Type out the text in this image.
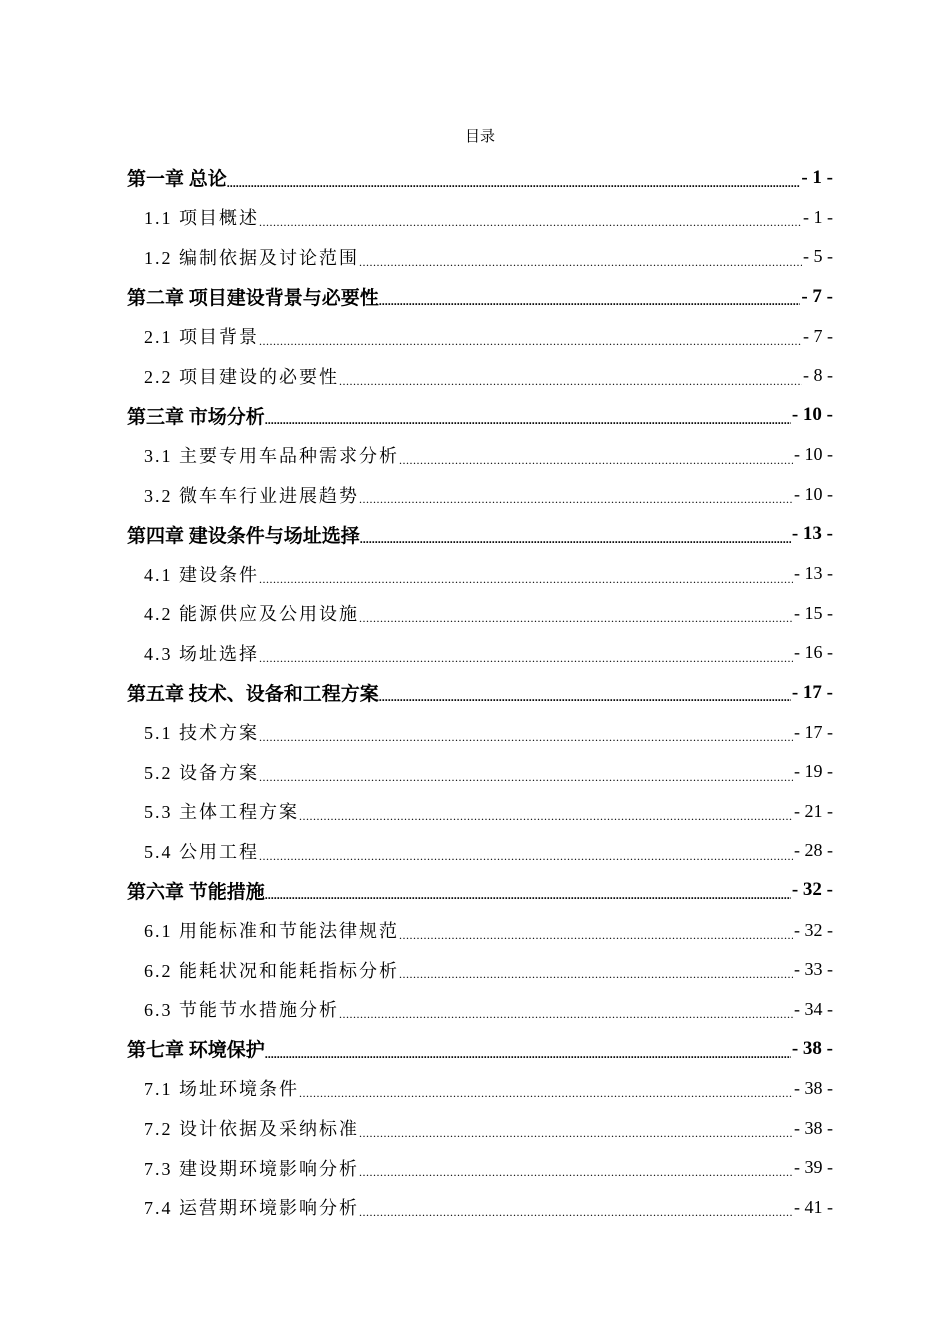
目录
第一章 总论 .....	- 1 -
1.1 项目概述 .....	- 1 -
1.2 编制依据及讨论范围 .....	- 5 -
第二章 项目建设背景与必要性 .....	- 7 -
2.1 项目背景 .....	- 7 -
2.2 项目建设的必要性 .....	- 8 -
第三章 市场分析 .....	- 10 -
3.1 主要专用车品种需求分析 .....	- 10 -
3.2 微车车行业进展趋势 .....	- 10 -
第四章 建设条件与场址选择 .....	- 13 -
4.1 建设条件 .....	- 13 -
4.2 能源供应及公用设施 .....	- 15 -
4.3 场址选择 .....	- 16 -
第五章 技术、设备和工程方案 .....	- 17 -
5.1 技术方案 .....	- 17 -
5.2 设备方案 .....	- 19 -
5.3 主体工程方案 .....	- 21 -
5.4 公用工程 .....	- 28 -
第六章 节能措施 .....	- 32 -
6.1 用能标准和节能法律规范 .....	- 32 -
6.2 能耗状况和能耗指标分析 .....	- 33 -
6.3 节能节水措施分析 .....	- 34 -
第七章 环境保护 .....	- 38 -
7.1 场址环境条件 .....	- 38 -
7.2 设计依据及采纳标准 .....	- 38 -
7.3 建设期环境影响分析 .....	- 39 -
7.4 运营期环境影响分析 .....	- 41 -
